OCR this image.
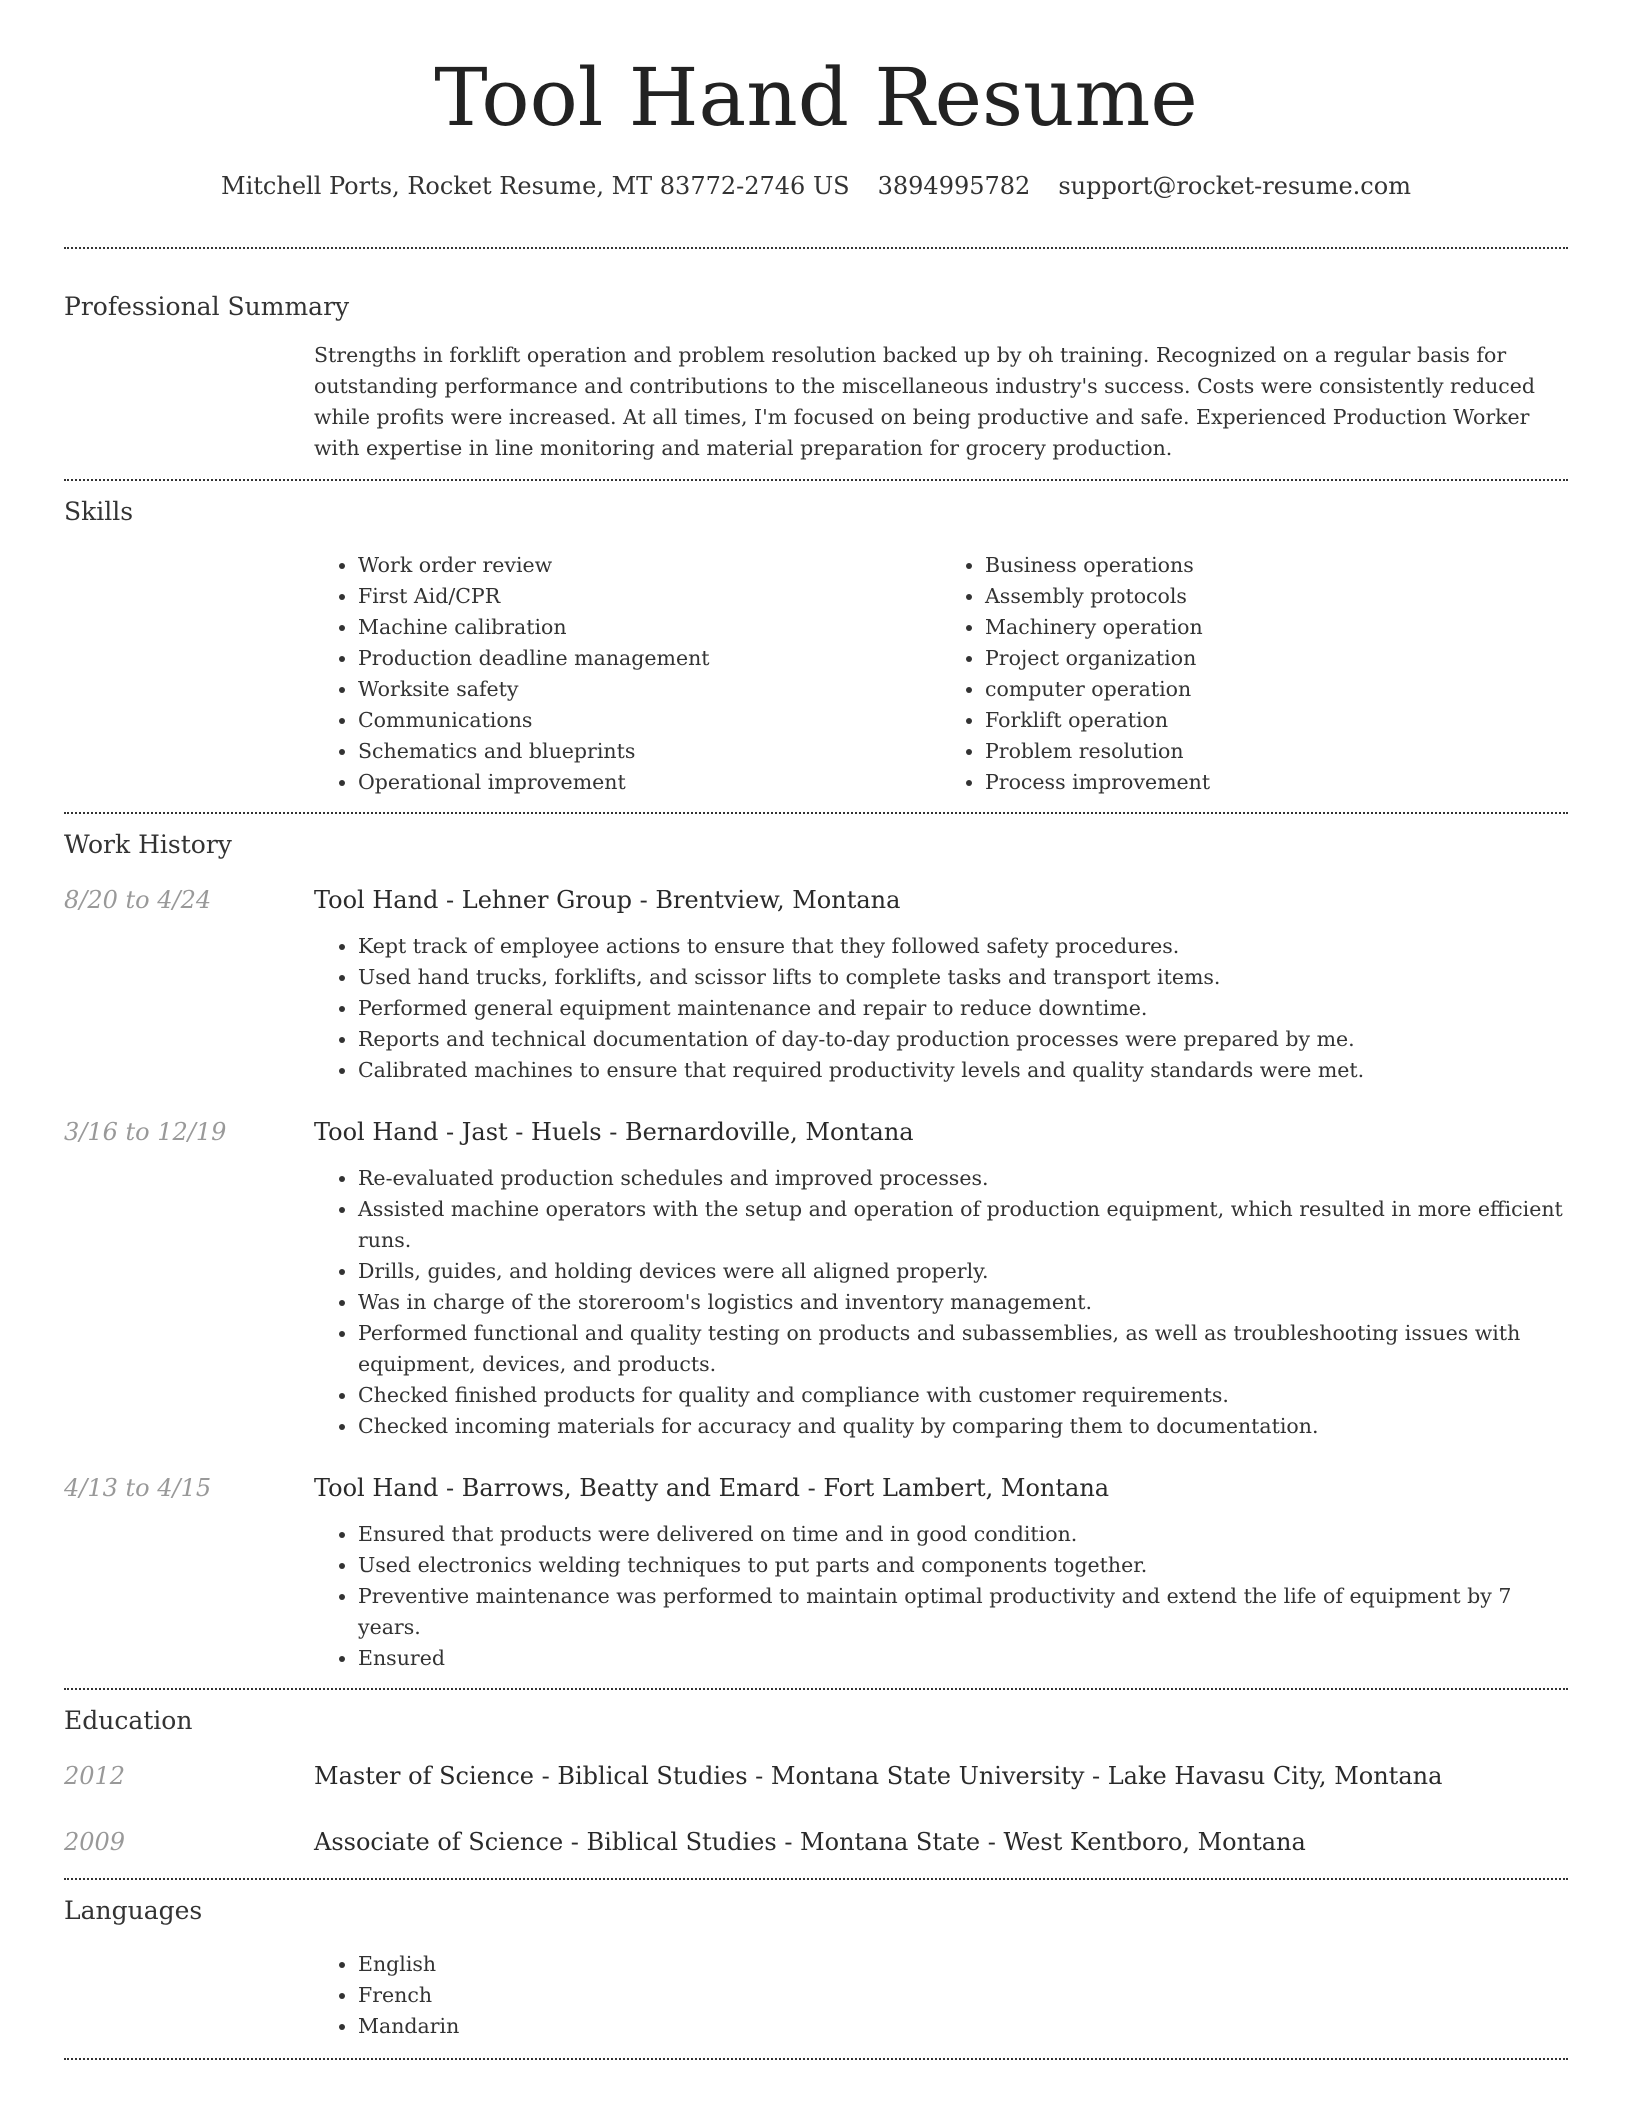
Tool Hand Resume
Mitchell Ports, Rocket Resume, MT 83772-2746 US 3894995782 support@rocket-resume.com
Professional Summary

Strengths in forklift operation and problem resolution backed up by oh training. Recognized on a regular basis for outstanding performance and contributions to the miscellaneous industry's success. Costs were consistently reduced while profits were increased. At all times, I'm focused on being productive and safe. Experienced Production Worker with expertise in line monitoring and material preparation for grocery production.

Skills
• Work order review
• First Aid/CPR
• Machine calibration
• Production deadline management
• Worksite safety
• Communications
• Schematics and blueprints
• Operational improvement
• Business operations
• Assembly protocols
• Machinery operation
• Project organization
• computer operation
• Forklift operation
• Problem resolution
• Process improvement
Work History
8/20 to 4/24	Tool Hand - Lehner Group - Brentview, Montana
• Kept track of employee actions to ensure that they followed safety procedures.
• Used hand trucks, forklifts, and scissor lifts to complete tasks and transport items.
• Performed general equipment maintenance and repair to reduce downtime.
• Reports and technical documentation of day-to-day production processes were prepared by me.
• Calibrated machines to ensure that required productivity levels and quality standards were met.
3/16 to 12/19	Tool Hand - Jast - Huels - Bernardoville, Montana
• Re-evaluated production schedules and improved processes.
• Assisted machine operators with the setup and operation of production equipment, which resulted in more efficient runs.
• Drills, guides, and holding devices were all aligned properly.
• Was in charge of the storeroom's logistics and inventory management.
• Performed functional and quality testing on products and subassemblies, as well as troubleshooting issues with equipment, devices, and products.
• Checked finished products for quality and compliance with customer requirements.
• Checked incoming materials for accuracy and quality by comparing them to documentation.
4/13 to 4/15	Tool Hand - Barrows, Beatty and Emard - Fort Lambert, Montana
• Ensured that products were delivered on time and in good condition.
• Used electronics welding techniques to put parts and components together.
• Preventive maintenance was performed to maintain optimal productivity and extend the life of equipment by 7 years.
• Ensured
Education
2012	Master of Science - Biblical Studies - Montana State University - Lake Havasu City, Montana
2009	Associate of Science - Biblical Studies - Montana State - West Kentboro, Montana
Languages
• English
• French
• Mandarin
